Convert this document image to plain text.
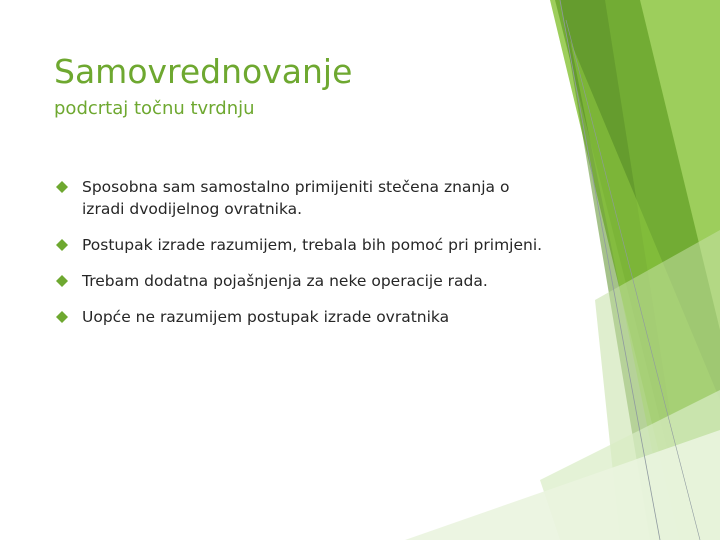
Samovrednovanje
podcrtaj točnu tvrdnju
Sposobna sam samostalno primijeniti stečena znanja o izradi dvodijelnog ovratnika.
Postupak izrade razumijem, trebala bih pomoć pri primjeni.
Trebam dodatna pojašnjenja za neke operacije rada.
Uopće ne razumijem postupak izrade ovratnika
